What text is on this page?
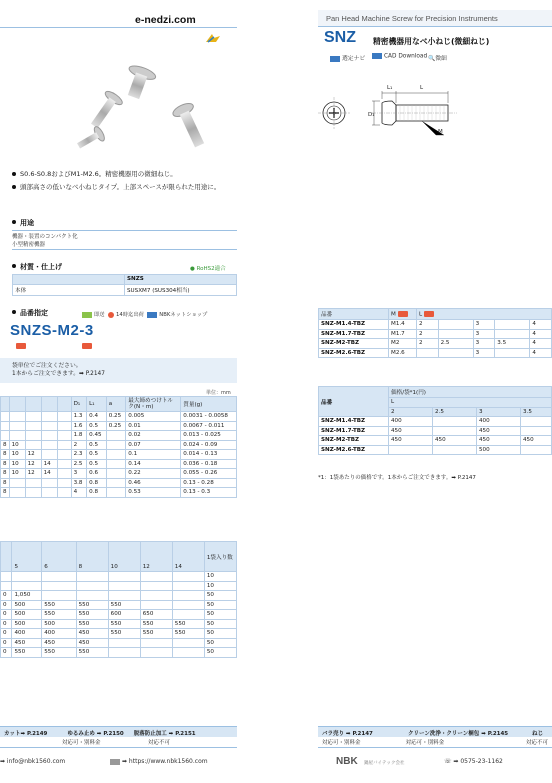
e-nedzi.com
S0.6-S0.8およびM1-M2.6。精密機器用の微細ねじ。
頭部高さの低いなべ小ねじタイプ。上部スペースが限られた用途に。
用途
機器・装置のコンパクト化
小型精密機器
材質・仕上げ	● RoHS2適合
	SNZS
本体	SUSXM7 (SUS304相当)
品番指定	即送 14時迄出荷	NBKネットショップ
SNZS-M2-3
袋単位でご注文ください。
1本からご注文できます。➡ P.2147
単位：mm
					D₁	L₁	a	最大締めつけトルク(N・m)	質量(g)
					1.3	0.4	0.25	0.005	0.0031 - 0.0058
					1.6	0.5	0.25	0.01	0.0067 - 0.011
					1.8	0.45		0.02	0.013 - 0.025
8	10				2	0.5		0.07	0.024 - 0.09
8	10	12			2.3	0.5		0.1	0.014 - 0.13
8	10	12	14		2.5	0.5		0.14	0.036 - 0.18
8	10	12	14		3	0.6		0.22	0.055 - 0.26
8					3.8	0.8		0.46	0.13 - 0.28
8					4	0.8		0.53	0.13 - 0.3
	5	6	8	10	12	14	1袋入り数
							10
							10
0	1,050						50
0	500	550	550	550			50
0	500	550	550	600	650		50
0	500	500	550	550	550	550	50
0	400	400	450	550	550	550	50
0	450	450	450				50
0	550	550	550				50
カット➡ P.2149	ゆるみ止め ➡ P.2150 脱落防止加工 ➡ P.2151
対応可・別料金	対応不可
➡ info@nbk1560.com	➡ https://www.nbk1560.com
Pan Head Machine Screw for Precision Instruments
SNZ 精密機器用なべ小ねじ(微細ねじ)
選定ナビ	CAD Download 🔍微細
L₁	L
D₁
M
品番	M	L				
SNZ-M1.4-TBZ	M1.4	2		3		4
SNZ-M1.7-TBZ	M1.7	2		3		4
SNZ-M2-TBZ	M2	2	2.5	3	3.5	4
SNZ-M2.6-TBZ	M2.6			3		4
品番	価格/袋*1(円)			
	L			
	2	2.5	3	3.5
SNZ-M1.4-TBZ	400		400	
SNZ-M1.7-TBZ	450		450	
SNZ-M2-TBZ	450	450	450	450
SNZ-M2.6-TBZ			500	
*1：1袋あたりの価格です。1本からご注文できます。➡ P.2147
バラ売り ➡ P.2147	クリーン洗浄・クリーン梱包 ➡ P.2145	ねじ
対応可・別料金	対応可・別料金	対応不可
NBK 鍋屋バイテック会社	☏ ➡ 0575-23-1162
